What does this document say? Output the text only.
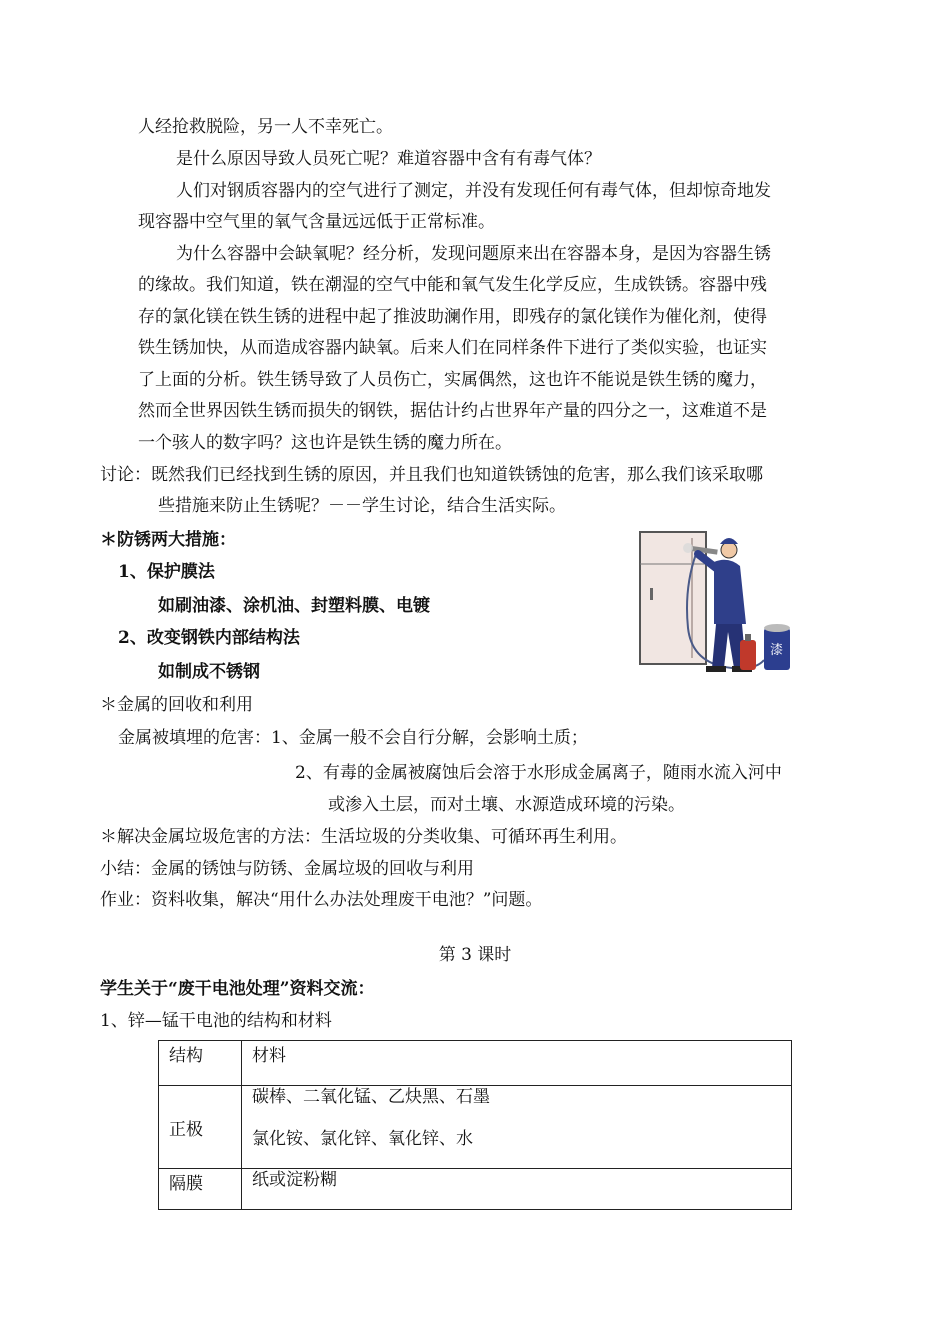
人经抢救脱险，另一人不幸死亡。
是什么原因导致人员死亡呢？难道容器中含有有毒气体？
人们对钢质容器内的空气进行了测定，并没有发现任何有毒气体，但却惊奇地发
现容器中空气里的氧气含量远远低于正常标准。
为什么容器中会缺氧呢？经分析，发现问题原来出在容器本身，是因为容器生锈
的缘故。我们知道，铁在潮湿的空气中能和氧气发生化学反应，生成铁锈。容器中残
存的氯化镁在铁生锈的进程中起了推波助澜作用，即残存的氯化镁作为催化剂，使得
铁生锈加快，从而造成容器内缺氧。后来人们在同样条件下进行了类似实验，也证实
了上面的分析。铁生锈导致了人员伤亡，实属偶然，这也许不能说是铁生锈的魔力，
然而全世界因铁生锈而损失的钢铁，据估计约占世界年产量的四分之一，这难道不是
一个骇人的数字吗？这也许是铁生锈的魔力所在。
讨论：既然我们已经找到生锈的原因，并且我们也知道铁锈蚀的危害，那么我们该采取哪
些措施来防止生锈呢？－－学生讨论，结合生活实际。
＊防锈两大措施：
1、保护膜法
如刷油漆、涂机油、封塑料膜、电镀
2、改变钢铁内部结构法
如制成不锈钢
漆
＊金属的回收和利用
金属被填埋的危害：1、金属一般不会自行分解，会影响土质；
2、有毒的金属被腐蚀后会溶于水形成金属离子，随雨水流入河中
或渗入土层，而对土壤、水源造成环境的污染。
＊解决金属垃圾危害的方法：生活垃圾的分类收集、可循环再生利用。
小结：金属的锈蚀与防锈、金属垃圾的回收与利用
作业：资料收集，解决“用什么办法处理废干电池？”问题。
第 3 课时
学生关于“废干电池处理”资料交流：
1、锌—锰干电池的结构和材料
结构	材料
正极	碳棒、二氧化锰、乙炔黑、石墨
氯化铵、氯化锌、氧化锌、水

隔膜	纸或淀粉糊
